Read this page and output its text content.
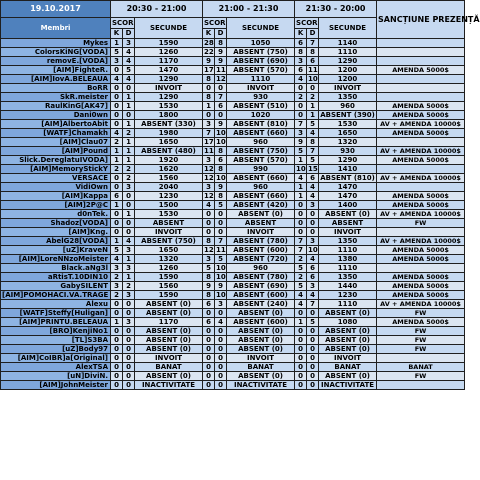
19.10.2017	20:30 - 21:00			21:00 - 21:30			21:30 - 20:00			SANCȚIUNE PREZENȚĂ
Membri	SCOR		SECUNDE	SCOR		SECUNDE	SCOR		SECUNDE	
	K	D		K	D		K	D		
Mykes	1	3	1590	28	8	1050	6	7	1140	
ColorsKiNG[VODA]	5	4	1260	22	9	ABSENT (750)	8	8	1110	
removE.[VODA]	3	4	1170	9	9	ABSENT (690)	3	6	1290	
[AIM]FighteR.	0	5	1470	17	11	ABSENT (570)	6	11	1200	AMENDA 5000$
[AIM]IovA.BELEAUA	4	4	1290	8	12	1110	4	10	1200	
BoRR	0	0	INVOIT	0	0	INVOIT	0	0	INVOIT	
SkR.meister	0	1	1290	8	7	930	2	2	1350	
RaulKinG[AK47]	0	1	1530	1	6	ABSENT (510)	0	1	960	AMENDA 5000$
Dani0wn	0	0	1800	0	0	1020	0	1	ABSENT (390)	AMENDA 5000$
[AIM]AlbertoAbit	0	1	ABSENT (330)	3	9	ABSENT (810)	7	5	1530	AV + AMENDA 10000$
[WATF]Chamakh	4	2	1980	7	10	ABSENT (660)	3	4	1650	AMENDA 5000$
[AIM]Clau07	2	1	1650	17	10	960	9	8	1320	
[AIM]Pound	1	1	ABSENT (480)	11	8	ABSENT (750)	5	7	930	AV + AMENDA 10000$
Slick.DereglatuIVODA]	1	1	1920	3	6	ABSENT (570)	1	5	1290	AMENDA 5000$
[AIM]MemoryStickY	2	2	1620	12	8	990	10	15	1410	
VERSACE	0	2	1560	12	10	ABSENT (660)	4	6	ABSENT (810)	AV + AMENDA 10000$
VidiOwn	0	3	2040	3	9	960	1	4	1470	
[AIM]Kappa	6	0	1230	12	8	ABSENT (660)	1	4	1470	AMENDA 5000$
[AIM]2P@C	1	0	1500	4	5	ABSENT (420)	0	3	1400	AMENDA 5000$
d0nTek.	0	1	1530	0	0	ABSENT (0)	0	0	ABSENT (0)	AV + AMENDA 10000$
Shadoz[VODA]	0	0	ABSENT	0	0	ABSENT	0	0	ABSENT	FW
[AIM]Kng.	0	0	INVOIT	0	0	INVOIT	0	0	INVOIT	
AbelG28[VODA]	1	4	ABSENT (750)	8	7	ABSENT (780)	7	3	1350	AV + AMENDA 10000$
[uZ]KraveN	5	3	1650	12	11	ABSENT (600)	7	10	1110	AMENDA 5000$
[AIM]LoreNNzoMeister	4	1	1320	3	5	ABSENT (720)	2	4	1380	AMENDA 5000$
Black.aNg3l	3	3	1260	5	10	960	5	6	1110	
aRtisT.10DIN10	2	1	1590	8	10	ABSENT (780)	2	6	1350	AMENDA 5000$
GabySILENT	3	2	1560	9	9	ABSENT (690)	5	3	1440	AMENDA 5000$
[AIM]POMOHACI.VA.TRAGE	2	3	1590	8	10	ABSENT (600)	4	4	1230	AMENDA 5000$
Alexu	0	0	ABSENT (0)	6	3	ABSENT (240)	4	7	1110	AV + AMENDA 10000$
[WATF]Steffy[Huligan]	0	0	ABSENT (0)	0	0	ABSENT (0)	0	0	ABSENT (0)	FW
[AIM]PRINTU.BELEAUA	1	3	1170	6	4	ABSENT (600)	1	5	1080	AMENDA 5000$
[BRO]KenjiNo1	0	0	ABSENT (0)	0	0	ABSENT (0)	0	0	ABSENT (0)	FW
[TL]S3BA	0	0	ABSENT (0)	0	0	ABSENT (0)	0	0	ABSENT (0)	FW
[uZ]Body97	0	0	ABSENT (0)	0	0	ABSENT (0)	0	0	ABSENT (0)	FW
[AIM]CoIBR]a[Original]	0	0	INVOIT	0	0	INVOIT	0	0	INVOIT	
AlexTSA	0	0	BANAT	0	0	BANAT	0	0	BANAT	BANAT
[uN]DiviN.	0	0	ABSENT (0)	0	0	ABSENT (0)	0	0	ABSENT (0)	FW
[AIM]JohnMeister	0	0	INACTIVITATE	0	0	INACTIVITATE	0	0	INACTIVITATE	
